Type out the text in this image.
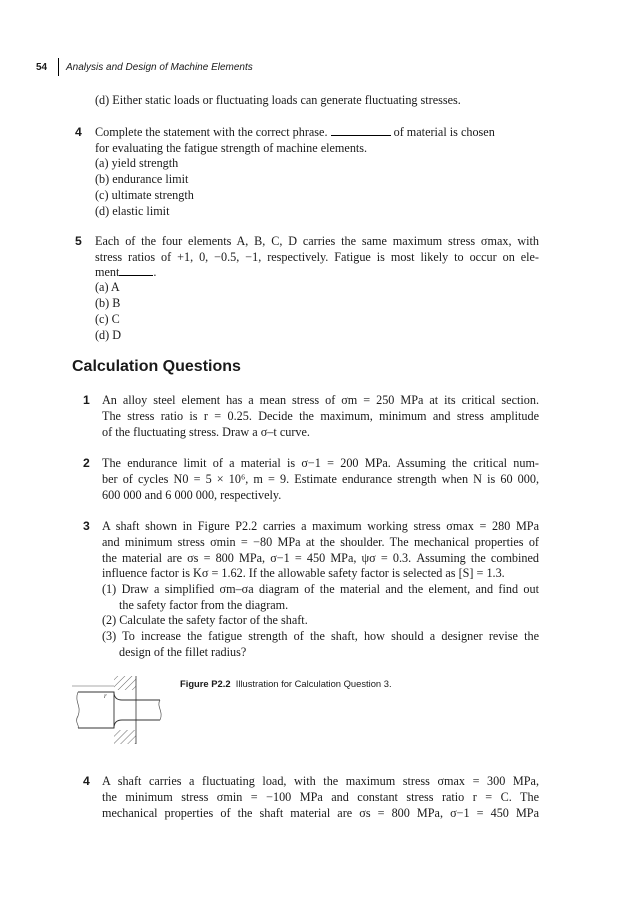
54 Analysis and Design of Machine Elements
(d) Either static loads or fluctuating loads can generate fluctuating stresses.
4 Complete the statement with the correct phrase.	of material is chosen
for evaluating the fatigue strength of machine elements.
(a) yield strength
(b) endurance limit
(c) ultimate strength
(d) elastic limit
5 Each of the four elements A, B, C, D carries the same maximum stress σmax, with
stress ratios of +1, 0, −0.5, −1, respectively. Fatigue is most likely to occur on ele-
ment	.
(a) A
(b) B
(c) C
(d) D
Calculation Questions
1 An alloy steel element has a mean stress of σm = 250 MPa at its critical section.
The stress ratio is r = 0.25. Decide the maximum, minimum and stress amplitude
of the fluctuating stress. Draw a σ–t curve.
2 The endurance limit of a material is σ−1 = 200 MPa. Assuming the critical num-
ber of cycles N0 = 5 × 10⁶, m = 9. Estimate endurance strength when N is 60 000,
600 000 and 6 000 000, respectively.
3 A shaft shown in Figure P2.2 carries a maximum working stress σmax = 280 MPa
and minimum stress σmin = −80 MPa at the shoulder. The mechanical properties of
the material are σs = 800 MPa, σ−1 = 450 MPa, ψσ = 0.3. Assuming the combined
influence factor is Kσ = 1.62. If the allowable safety factor is selected as [S] = 1.3.
(1) Draw a simplified σm–σa diagram of the material and the element, and find out
the safety factor from the diagram.
(2) Calculate the safety factor of the shaft.
(3) To increase the fatigue strength of the shaft, how should a designer revise the
design of the fillet radius?
r
Figure P2.2 Illustration for Calculation Question 3.
4 A shaft carries a fluctuating load, with the maximum stress σmax = 300 MPa,
the minimum stress σmin = −100 MPa and constant stress ratio r = C. The
mechanical properties of the shaft material are σs = 800 MPa, σ−1 = 450 MPa
